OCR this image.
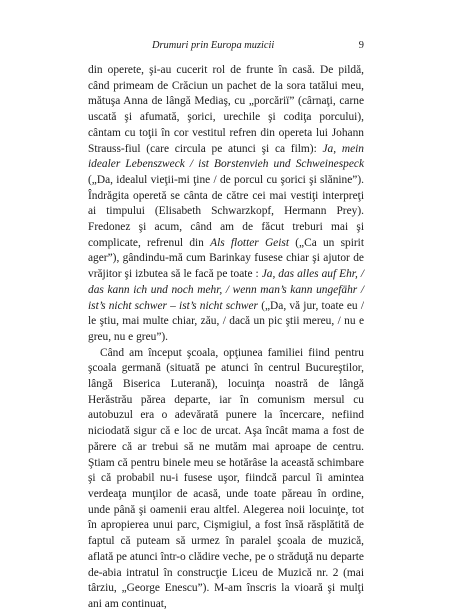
Drumuri prin Europa muzicii	9

din operete, şi-au cucerit rol de frunte în casă. De pildă, când primeam de Crăciun un pachet de la sora tatălui meu, mătuşa Anna de lângă Mediaş, cu „porcărії” (cârnaţi, carne uscată şi afumată, şorici, urechile şi codiţa porcului), cântam cu toţii în cor vestitul refren din opereta lui Johann Strauss-fiul (care circula pe atunci şi ca film): Ja, mein idealer Lebenszweck / ist Borstenvieh und Schweinespeck („Da, idealul vieţii-mi ţine / de porcul cu şorici şi slănine”). Îndrăgita operetă se cânta de către cei mai vestiţi interpreţi ai timpului (Elisabeth Schwarzkopf, Hermann Prey). Fredonez şi acum, când am de făcut treburi mai şi complicate, refrenul din Als flotter Geist („Ca un spirit ager”), gândindu-mă cum Barinkay fusese chiar şi ajutor de vrăjitor şi izbutea să le facă pe toate : Ja, das alles auf Ehr, / das kann ich und noch mehr, / wenn man’s kann ungefähr / ist’s nicht schwer – ist’s nicht schwer („Da, vă jur, toate eu / le ştiu, mai multe chiar, zău, / dacă un pic ştii mereu, / nu e greu, nu e greu”).

Când am început şcoala, opţiunea familiei fiind pentru şcoala germană (situată pe atunci în centrul Bucureştilor, lângă Biserica Luterană), locuinţa noastră de lângă Herăstrău părea departe, iar în comunism mersul cu autobuzul era o adevărată punere la încercare, nefiind niciodată sigur că e loc de urcat. Aşa încât mama a fost de părere că ar trebui să ne mutăm mai aproape de centru. Ştiam că pentru binele meu se hotărâse la această schimbare şi că probabil nu-i fusese uşor, fiindcă parcul îi amintea verdeaţa munţilor de acasă, unde toate păreau în ordine, unde până şi oamenii erau altfel. Alegerea noii locuinţe, tot în apropierea unui parc, Cişmigiul, a fost însă răsplătită de faptul că puteam să urmez în paralel şcoala de muzică, aflată pe atunci într-o clădire veche, pe o străduţă nu departe de-abia intratul în construcţie Liceu de Muzică nr. 2 (mai târziu, „George Enescu”). M-am înscris la vioară şi mulţi ani am continuat,
